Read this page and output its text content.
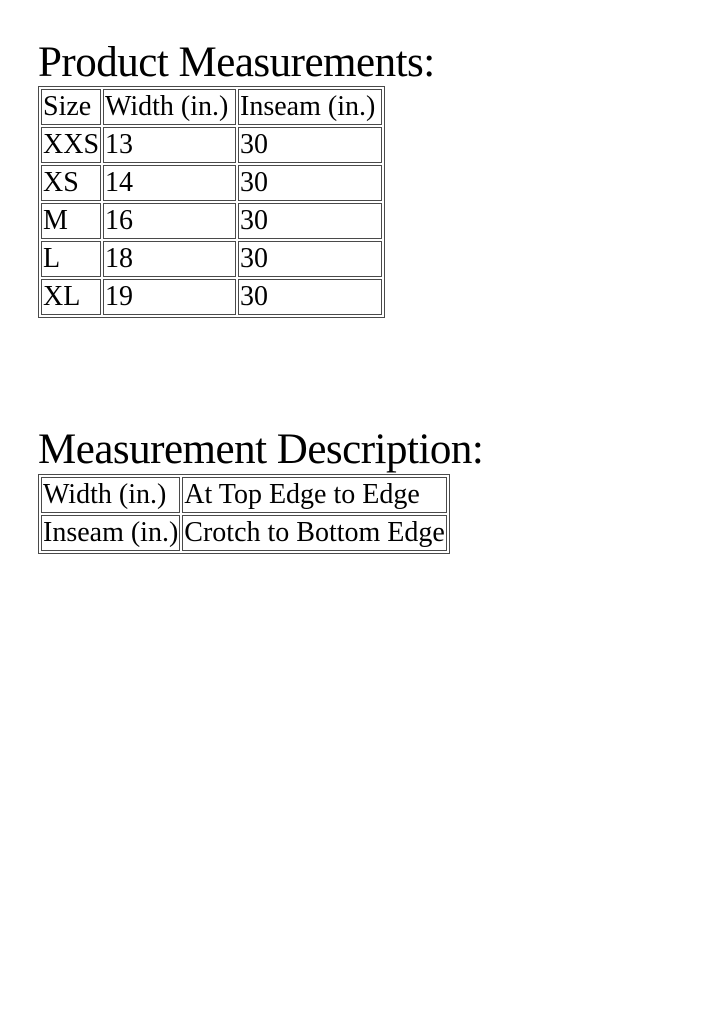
Product Measurements:
Size	Width (in.)	Inseam (in.)
XXS	13	30
XS	14	30
M	16	30
L	18	30
XL	19	30
Measurement Description:
Width (in.)	At Top Edge to Edge
Inseam (in.)	Crotch to Bottom Edge
